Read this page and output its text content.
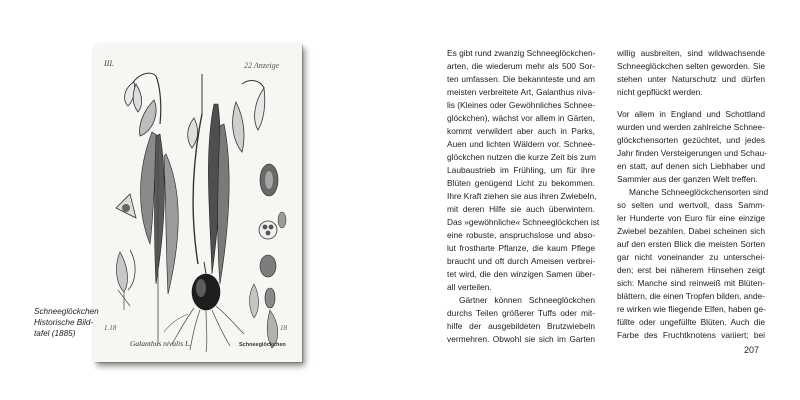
III.	22 Anzeige
1.18
Galanthus nivalis L.	Schneeglöckchen
18
Schneeglöckchen
Historische Bild-
tafel (1885)
Es gibt rund zwanzig Schneeglöckchen-
arten, die wiederum mehr als 500 Sor-
ten umfassen. Die bekannteste und am
meisten verbreitete Art, Galanthus niva-
lis (Kleines oder Gewöhnliches Schnee-
glöckchen), wächst vor allem in Gärten,
kommt verwildert aber auch in Parks,
Auen und lichten Wäldern vor. Schnee-
glöckchen nutzen die kurze Zeit bis zum
Laubaustrieb im Frühling, um für ihre
Blüten genügend Licht zu bekommen.
Ihre Kraft ziehen sie aus ihren Zwiebeln,
mit deren Hilfe sie auch überwintern.
Das »gewöhnliche« Schneeglöckchen ist
eine robuste, anspruchslose und abso-
lut frostharte Pflanze, die kaum Pflege
braucht und oft durch Ameisen verbrei-
tet wird, die den winzigen Samen über-
all verteilen.
Gärtner können Schneeglöckchen
durchs Teilen größerer Tuffs oder mit-
hilfe der ausgebildeten Brutzwiebeln
vermehren. Obwohl sie sich im Garten
willig ausbreiten, sind wildwachsende
Schneeglöckchen selten geworden. Sie
stehen unter Naturschutz und dürfen
nicht gepflückt werden.
Vor allem in England und Schottland
wurden und werden zahlreiche Schnee-
glöckchensorten gezüchtet, und jedes
Jahr finden Versteigerungen und Schau-
en statt, auf denen sich Liebhaber und
Sammler aus der ganzen Welt treffen.
Manche Schneeglöckchensorten sind
so selten und wertvoll, dass Samm-
ler Hunderte von Euro für eine einzige
Zwiebel bezahlen. Dabei scheinen sich
auf den ersten Blick die meisten Sorten
gar nicht voneinander zu unterschei-
den; erst bei näherem Hinsehen zeigt
sich: Manche sind reinweiß mit Blüten-
blättern, die einen Tropfen bilden, ande-
re wirken wie fliegende Elfen, haben ge-
füllte oder ungefüllte Blüten. Auch die
Farbe des Fruchtknotens variiert; bei
207
